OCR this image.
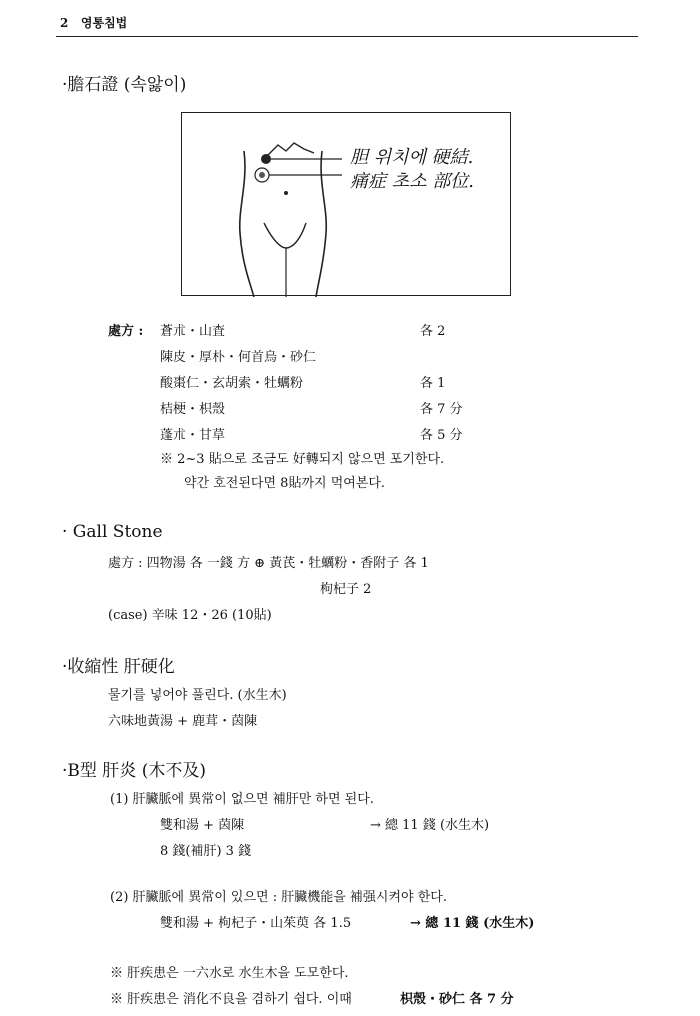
2 영통침법
·膽石證 (속앓이)
胆 위치에 硬結.
痛症 초소 部位.
處方 : 蒼朮・山査	各 2
陳皮・厚朴・何首烏・砂仁
酸棗仁・玄胡索・牡蠣粉	各 1
桔梗・枳殼	各 7 分
蓬朮・甘草	各 5 分
※ 2~3 貼으로 조금도 好轉되지 않으면 포기한다.
약간 호전된다면 8貼까지 먹여본다.
· Gall Stone
處方 : 四物湯 各 一錢 方 ⊕ 黃芪・牡蠣粉・香附子 各 1
枸杞子 2
(case) 辛味 12・26 (10貼)
·收縮性 肝硬化
물기를 넣어야 풀린다. (水生木)
六味地黃湯 + 鹿茸・茵陳
·B型 肝炎 (木不及)
(1) 肝臟脈에 異常이 없으면 補肝만 하면 된다.
雙和湯 + 茵陳	→ 總 11 錢 (水生木)
8 錢(補肝) 3 錢
(2) 肝臟脈에 異常이 있으면 : 肝臟機能을 補强시켜야 한다.
雙和湯 + 枸杞子・山茱萸 各 1.5	→ 總 11 錢 (水生木)
※ 肝疾患은 一六水로 水生木을 도모한다.
※ 肝疾患은 消化不良을 겸하기 쉽다. 이때	枳殼・砂仁 各 7 分
